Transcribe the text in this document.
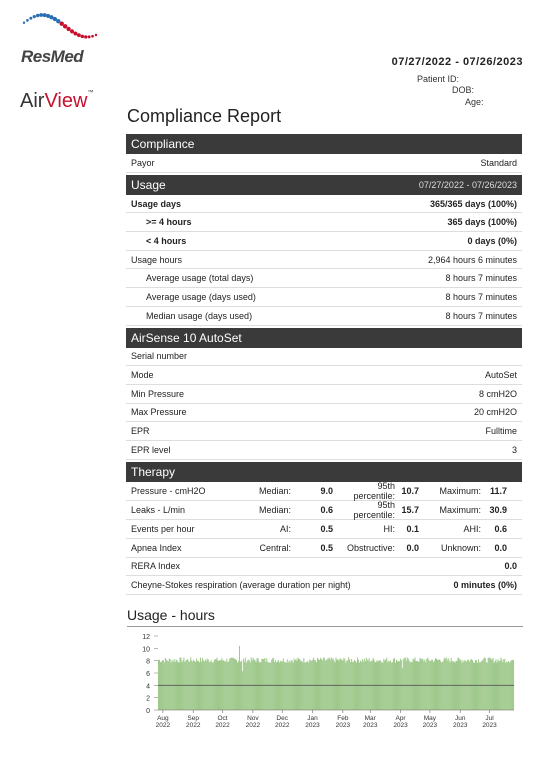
ResMed
AirView™
07/27/2022 - 07/26/2023
Patient ID:
DOB:
Age:
Compliance Report
Compliance
Payor	Standard
Usage	07/27/2022 - 07/26/2023
Usage days	365/365 days (100%)
>= 4 hours	365 days (100%)
< 4 hours	0 days (0%)
Usage hours	2,964 hours 6 minutes
Average usage (total days)	8 hours 7 minutes
Average usage (days used)	8 hours 7 minutes
Median usage (days used)	8 hours 7 minutes
AirSense 10 AutoSet
Serial number
Mode	AutoSet
Min Pressure	8 cmH2O
Max Pressure	20 cmH2O
EPR	Fulltime
EPR level	3
Therapy
Pressure - cmH2O	Median:	9.0	95th percentile: 10.7	Maximum: 11.7
Leaks - L/min	Median:	0.6	95th percentile: 15.7	Maximum: 30.9
Events per hour	AI:	0.5	HI:	0.1	AHI:	0.6
Apnea Index	Central:	0.5	Obstructive:	0.0	Unknown:	0.0
RERA Index	0.0
Cheyne-Stokes respiration (average duration per night)	0 minutes (0%)
Usage - hours
0
2
4
6
8
10
12
Aug
2022
Sep
2022
Oct
2022
Nov
2022
Dec
2022
Jan
2023
Feb
2023
Mar
2023
Apr
2023
May
2023
Jun
2023
Jul
2023
